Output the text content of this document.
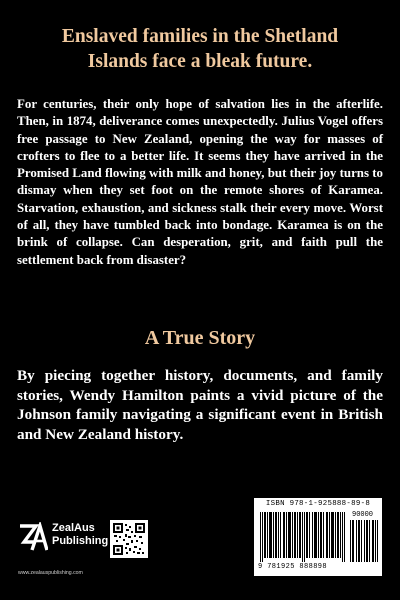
Enslaved families in the Shetland
Islands face a bleak future.

For centuries, their only hope of salvation lies in the afterlife. Then, in 1874, deliverance comes unexpectedly. Julius Vogel offers free passage to New Zealand, opening the way for masses of crofters to flee to a better life. It seems they have arrived in the Promised Land flowing with milk and honey, but their joy turns to dismay when they set foot on the remote shores of Karamea. Starvation, exhaustion, and sickness stalk their every move. Worst of all, they have tumbled back into bondage. Karamea is on the brink of collapse. Can desperation, grit, and faith pull the settlement back from disaster?

A True Story

By piecing together history, documents, and family stories, Wendy Hamilton paints a vivid picture of the Johnson family navigating a significant event in British and New Zealand history.

ZealAus
Publishing
www.zealauspublishing.com
ISBN 978-1-925888-89-8
90000
9 781925 888898
